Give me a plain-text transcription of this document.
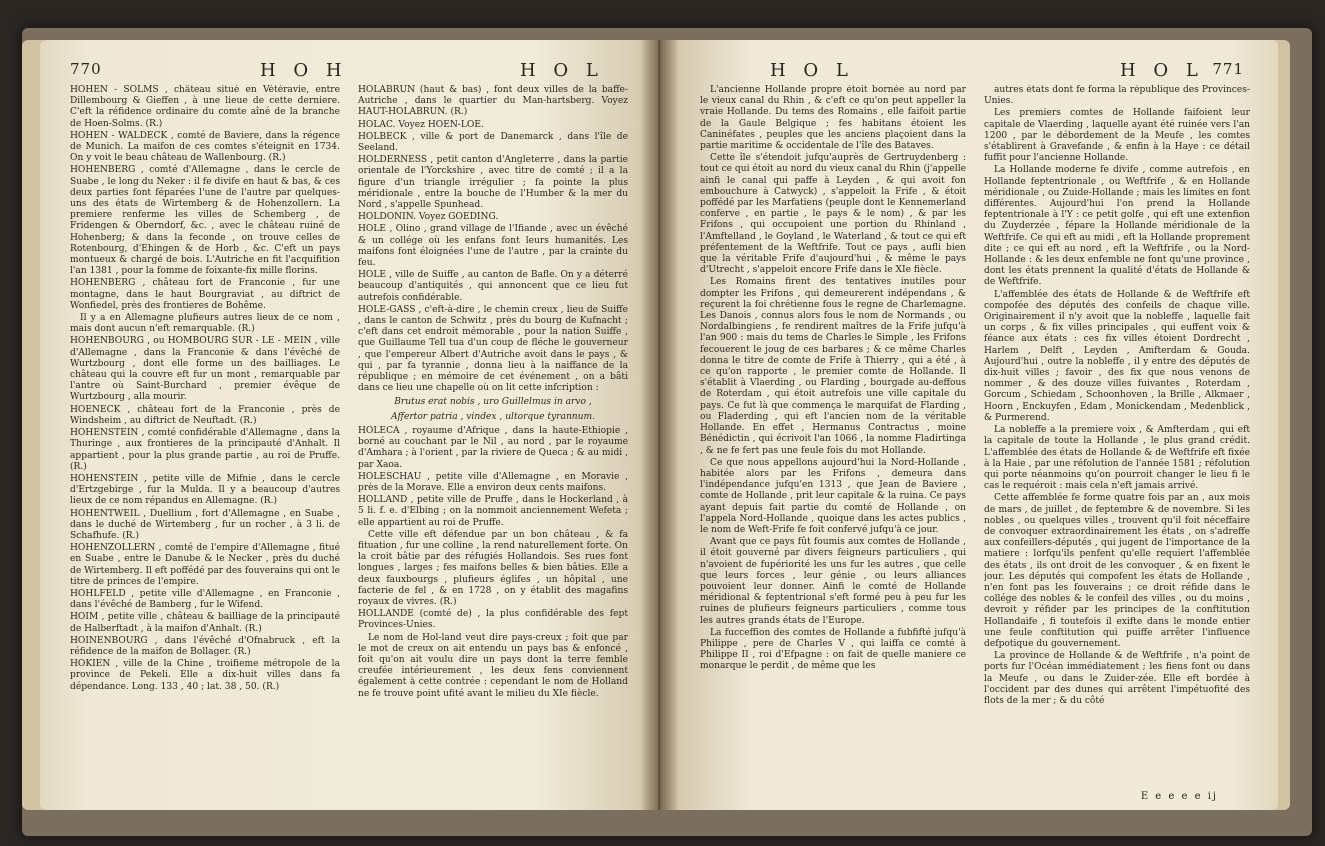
770	H O H	H O L

HOHEN - SOLMS , château situé en Vétéravie, entre Dillembourg & Gieffen , à une lieue de cette derniere. C'eft la réfidence ordinaire du comte aîné de la branche de Hoen-Solms. (R.)

HOHEN - WALDECK , comté de Baviere, dans la régence de Munich. La maifon de ces comtes s'éteignit en 1734. On y voit le beau château de Wallenbourg. (R.)

HOHENBERG , comté d'Allemagne , dans le cercle de Suabe , le long du Neker : il fe divife en haut & bas, & ces deux parties font féparées l'une de l'autre par quelques-uns des états de Wirtemberg & de Hohenzollern. La premiere renferme les villes de Schemberg , de Fridengen & Oberndorf, &c. , avec le château ruiné de Hohenberg; & dans la feconde , on trouve celles de Rotenbourg, d'Ehingen & de Horb , &c. C'eft un pays montueux & chargé de bois. L'Autriche en fit l'acquifition l'an 1381 , pour la fomme de foixante-fix mille florins.

HOHENBERG , château fort de Franconie , fur une montagne, dans le haut Bourgraviat , au diftrict de Wonfiedel, près des frontieres de Bohême.

Il y a en Allemagne plufieurs autres lieux de ce nom , mais dont aucun n'eft remarquable. (R.)

HOHENBOURG , ou HOMBOURG SUR - LE - MEIN , ville d'Allemagne , dans la Franconie & dans l'évêché de Wurtzbourg , dont elle forme un des bailliages. Le château qui la couvre eft fur un mont , remarquable par l'antre où Saint-Burchard , premier évêque de Wurtzbourg , alla mourir.

HOENECK , château fort de la Franconie , près de Windsheim , au diftrict de Neuftadt. (R.)

HOHENSTEIN , comté confidérable d'Allemagne , dans la Thuringe , aux frontieres de la principauté d'Anhalt. Il appartient , pour la plus grande partie , au roi de Pruffe. (R.)

HOHENSTEIN , petite ville de Mifnie , dans le cercle d'Ertzgebirge , fur la Mulda. Il y a beaucoup d'autres lieux de ce nom répandus en Allemagne. (R.)

HOHENTWEIL , Duellium , fort d'Allemagne , en Suabe , dans le duché de Wirtemberg , fur un rocher , à 3 li. de Schafhufe. (R.)

HOHENZOLLERN , comté de l'empire d'Allemagne , fitué en Suabe , entre le Danube & le Necker , près du duché de Wirtemberg. Il eft poffédé par des fouverains qui ont le titre de princes de l'empire.

HOHLFELD , petite ville d'Allemagne , en Franconie , dans l'évêché de Bamberg , fur le Wifend.

HOIM , petite ville , château & bailliage de la principauté de Halberftadt , à la maifon d'Anhalt. (R.)

HOINENBOURG , dans l'évêché d'Ofnabruck , eft la réfidence de la maifon de Bollager. (R.)

HOKIEN , ville de la Chine , troifieme métropole de la province de Pekeli. Elle a dix-huit villes dans fa dépendance. Long. 133 , 40 ; lat. 38 , 50. (R.)

HOLABRUN (haut & bas) , font deux villes de la baffe-Autriche , dans le quartier du Man-hartsberg. Voyez HAUT-HOLABRUN. (R.)

HOLAC. Voyez HOEN-LOE.

HOLBECK , ville & port de Danemarck , dans l'île de Seeland.

HOLDERNESS , petit canton d'Angleterre , dans la partie orientale de l'Yorckshire , avec titre de comté ; il a la figure d'un triangle irrégulier ; fa pointe la plus méridionale , entre la bouche de l'Humber & la mer du Nord , s'appelle Spunhead.

HOLDONIN. Voyez GOEDING.

HOLE , Olino , grand village de l'Ifiande , avec un évêché & un collége où les enfans font leurs humanités. Les maifons font éloignées l'une de l'autre , par la crainte du feu.

HOLE , ville de Suiffe , au canton de Bafle. On y a déterré beaucoup d'antiquités , qui annoncent que ce lieu fut autrefois confidérable.

HOLE-GASS , c'eft-à-dire , le chemin creux , lieu de Suiffe , dans le canton de Schwitz , près du bourg de Kufnacht ; c'eft dans cet endroit mémorable , pour la nation Suiffe , que Guillaume Tell tua d'un coup de fléche le gouverneur , que l'empereur Albert d'Autriche avoit dans le pays , & qui , par fa tyrannie , donna lieu à la naiffance de la république ; en mémoire de cet événement , on a bâti dans ce lieu une chapelle où on lit cette infcription :

Brutus erat nobis , uro Guillelmus in arvo ,

Affertor patria , vindex , ultorque tyrannum.

HOLECA , royaume d'Afrique , dans la haute-Ethiopie , borné au couchant par le Nil , au nord , par le royaume d'Amhara ; à l'orient , par la riviere de Queca ; & au midi , par Xaoa.

HOLESCHAU , petite ville d'Allemagne , en Moravie , près de la Morave. Elle a environ deux cents maifons.

HOLLAND , petite ville de Pruffe , dans le Hockerland , à 5 li. f. e. d'Elbing ; on la nommoit anciennement Wefeta ; elle appartient au roi de Pruffe.

Cette ville eft défendue par un bon château , & fa fituation , fur une colline , la rend naturellement forte. On la croit bâtie par des réfugiés Hollandois. Ses rues font longues , larges ; fes maifons belles & bien bâties. Elle a deux fauxbourgs , plufieurs églifes , un hôpital , une facterie de fel , & en 1728 , on y établit des magafins royaux de vivres. (R.)

HOLLANDE (comté de) , la plus confidérable des fept Provinces-Unies.

Le nom de Hol-land veut dire pays-creux ; foit que par le mot de creux on ait entendu un pays bas & enfoncé , foit qu'on ait voulu dire un pays dont la terre femble creufée intérieurement , les deux fens conviennent également à cette contrée : cependant le nom de Holland ne fe trouve point ufité avant le milieu du XIe fiècle.

H O L	H O L 771

L'ancienne Hollande propre étoit bornée au nord par le vieux canal du Rhin , & c'eft ce qu'on peut appeller la vraie Hollande. Du tems des Romains , elle faifoit partie de la Gaule Belgique ; fes habitans étoient les Caninéfates , peuples que les anciens plaçoient dans la partie maritime & occidentale de l'île des Bataves.

Cette île s'étendoit jufqu'auprès de Gertruydenberg : tout ce qui étoit au nord du vieux canal du Rhin (j'appelle ainfi le canal qui paffe à Leyden , & qui avoit fon embouchure à Catwyck) , s'appeloit la Frife , & étoit poffédé par les Marfatiens (peuple dont le Kennemerland conferve , en partie , le pays & le nom) , & par les Frifons , qui occupoient une portion du Rhinland , l'Amftelland , le Goyland , le Waterland , & tout ce qui eft préfentement de la Weftfrife. Tout ce pays , aufli bien que la véritable Frife d'aujourd'hui , & même le pays d'Utrecht , s'appeloit encore Frife dans le XIe fiècle.

Les Romains firent des tentatives inutiles pour dompter les Frifons , qui demeurerent indépendans , & reçurent la foi chrétienne fous le regne de Charlemagne. Les Danois , connus alors fous le nom de Normands , ou Nordalbingiens , fe rendirent maîtres de la Frife jufqu'à l'an 900 : mais du tems de Charles le Simple , les Frifons fecouerent le joug de ces barbares ; & ce même Charles donna le titre de comte de Frife à Thierry , qui a été , à ce qu'on rapporte , le premier comte de Hollande. Il s'établit à Vlaerding , ou Flarding , bourgade au-deffous de Roterdam , qui étoit autrefois une ville capitale du pays. Ce fut là que commença le marquifat de Flarding , ou Fladerding , qui eft l'ancien nom de la véritable Hollande. En effet , Hermanus Contractus , moine Bénédictin , qui écrivoit l'an 1066 , la nomme Fladirtinga , & ne fe fert pas une feule fois du mot Hollande.

Ce que nous appellons aujourd'hui la Nord-Hollande , habitée alors par les Frifons , demeura dans l'indépendance jufqu'en 1313 , que Jean de Baviere , comte de Hollande , prit leur capitale & la ruina. Ce pays ayant depuis fait partie du comté de Hollande , on l'appela Nord-Hollande , quoique dans les actes publics , le nom de Weft-Frife fe foit confervé jufqu'à ce jour.

Avant que ce pays fût foumis aux comtes de Hollande , il étoit gouverné par divers feigneurs particuliers , qui n'avoient de fupériorité les uns fur les autres , que celle que leurs forces , leur génie , ou leurs alliances pouvoient leur donner. Ainfi le comté de Hollande méridional & feptentrional s'eft formé peu à peu fur les ruines de plufieurs feigneurs particuliers , comme tous les autres grands états de l'Europe.

La fucceffion des comtes de Hollande a fubfifté jufqu'à Philippe , pere de Charles V , qui laiffa ce comté à Philippe II , roi d'Efpagne : on fait de quelle maniere ce monarque le perdit , de même que les

autres états dont fe forma la république des Provinces-Unies.

Les premiers comtes de Hollande faifoient leur capitale de Vlaerding , laquelle ayant été ruinée vers l'an 1200 , par le débordement de la Meufe , les comtes s'établirent à Gravefande , & enfin à la Haye : ce détail fuffit pour l'ancienne Hollande.

La Hollande moderne fe divife , comme autrefois , en Hollande feptentrionale , ou Weftfrife , & en Hollande méridionale , ou Zuide-Hollande ; mais les limites en font différentes. Aujourd'hui l'on prend la Hollande feptentrionale à l'Y : ce petit golfe , qui eft une extenfion du Zuyderzée , fépare la Hollande méridionale de la Weftfrife. Ce qui eft au midi , eft la Hollande proprement dite ; ce qui eft au nord , eft la Weftfrife , ou la Nord-Hollande : & les deux enfemble ne font qu'une province , dont les états prennent la qualité d'états de Hollande & de Weftfrife.

L'affemblée des états de Hollande & de Weftfrife eft compofée des députés des confeils de chaque ville. Originairement il n'y avoit que la nobleffe , laquelle fait un corps , & fix villes principales , qui euffent voix & féance aux états : ces fix villes étoient Dordrecht , Harlem , Delft , Leyden , Amfterdam & Gouda. Aujourd'hui , outre la nobleffe , il y entre des députés de dix-huit villes ; favoir , des fix que nous venons de nommer , & des douze villes fuivantes , Roterdam , Gorcum , Schiedam , Schoonhoven , la Brille , Alkmaer , Hoorn , Enckuyfen , Edam , Monickendam , Medenblick , & Purmerend.

La nobleffe a la premiere voix , & Amfterdam , qui eft la capitale de toute la Hollande , le plus grand crédit. L'affemblée des états de Hollande & de Weftfrife eft fixée à la Haie , par une réfolution de l'année 1581 ; réfolution qui porte néanmoins qu'on pourroit changer le lieu fi le cas le requéroit : mais cela n'eft jamais arrivé.

Cette affemblée fe forme quatre fois par an , aux mois de mars , de juillet , de feptembre & de novembre. Si les nobles , ou quelques villes , trouvent qu'il foit néceffaire de convoquer extraordinairement les états , on s'adreffe aux confeillers-députés , qui jugent de l'importance de la matiere : lorfqu'ils penfent qu'elle requiert l'affemblée des états , ils ont droit de les convoquer , & en fixent le jour. Les députés qui compofent les états de Hollande , n'en font pas les fouverains ; ce droit réfide dans le collége des nobles & le confeil des villes , ou du moins , devroit y réfider par les principes de la conftitution Hollandaife , fi toutefois il exifte dans le monde entier une feule conftitution qui puiffe arrêter l'influence defpotique du gouvernement.

La province de Hollande & de Weftfrife , n'a point de ports fur l'Océan immédiatement ; les fiens font ou dans la Meufe , ou dans le Zuider-zée. Elle eft bordée à l'occident par des dunes qui arrêtent l'impétuofité des flots de la mer ; & du côté

E e e e e ij
